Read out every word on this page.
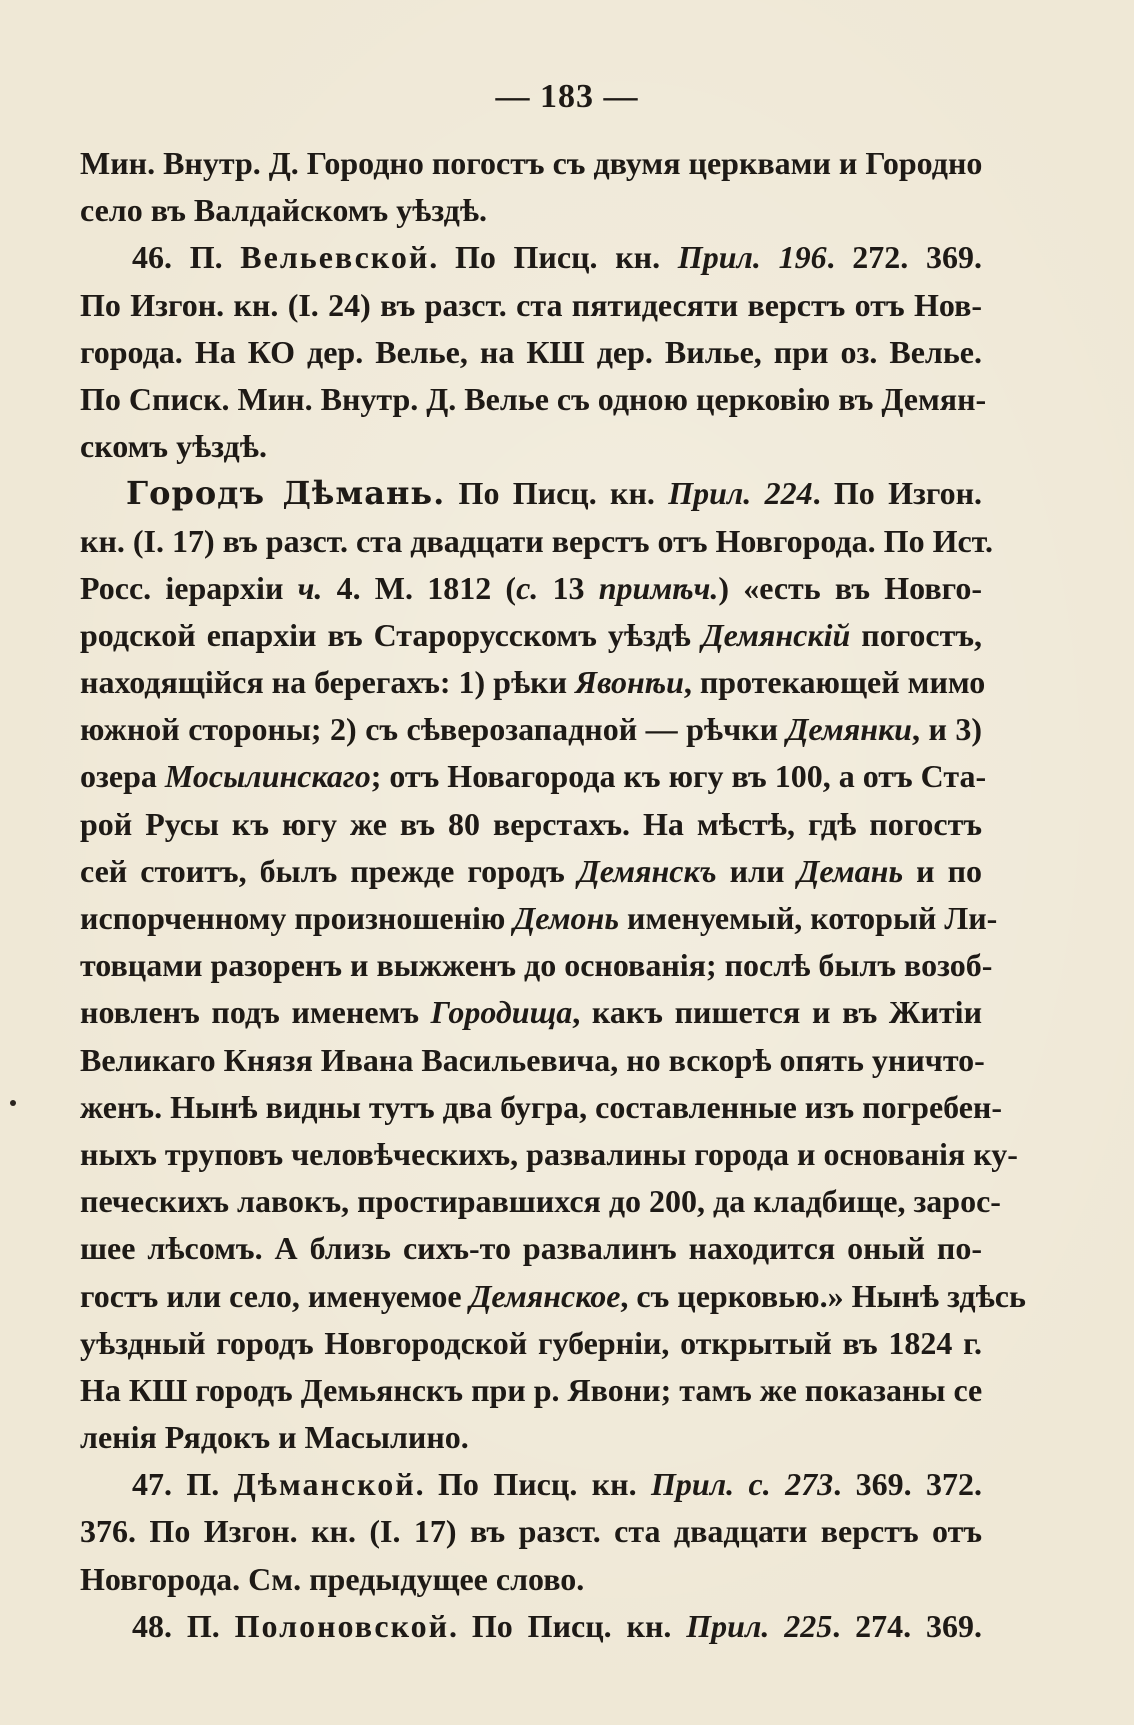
— 183 —
Мин. Внутр. Д. Городно погостъ съ двумя церквами и Городно
село въ Валдайскомъ уѣздѣ.
46. П. Вельевской. По Писц. кн. Прил. 196. 272. 369.
По Изгон. кн. (I. 24) въ разст. ста пятидесяти верстъ отъ Нов-
города. На КО дер. Велье, на КШ дер. Вилье, при оз. Велье.
По Списк. Мин. Внутр. Д. Велье съ однoю церковiю въ Демян-
скомъ уѣздѣ.
Городъ Дѣмань. По Писц. кн. Прил. 224. По Изгон.
кн. (I. 17) въ разст. ста двадцати верстъ отъ Новгорода. По Ист.
Росс. iерархiи ч. 4. М. 1812 (с. 13 примѣч.) «есть въ Новго-
родской епархiи въ Старорусскомъ уѣздѣ Демянскiй погостъ,
находящiйся на берегахъ: 1) рѣки Явонѣи, протекающей мимо
южной стороны; 2) съ сѣверозападной — рѣчки Демянки, и 3)
озера Мосылинскаго; отъ Новагорода къ югу въ 100, а отъ Ста-
рой Русы къ югу же въ 80 верстахъ. На мѣстѣ, гдѣ погостъ
сей стоитъ, былъ прежде городъ Демянскъ или Демань и по
испорченному произношенiю Демонь именуемый, который Ли-
товцами разоренъ и выжженъ до основанiя; послѣ былъ возоб-
новленъ подъ именемъ Городища, какъ пишется и въ Житiи
Великаго Князя Ивана Васильевича, но вскорѣ опять уничто-
женъ. Нынѣ видны тутъ два бугра, составленные изъ погребен-
ныхъ труповъ человѣческихъ, развалины города и основанiя ку-
печескихъ лавокъ, простиравшихся до 200, да кладбище, зарос-
шее лѣсомъ. А близь сихъ-то развалинъ находится оный по-
гостъ или село, именуемое Демянское, съ церковью.» Нынѣ здѣсь
уѣздный городъ Новгородской губернiи, открытый въ 1824 г.
На КШ городъ Демьянскъ при р. Явони; тамъ же показаны се
ленiя Рядокъ и Масылино.
47. П. Дѣманской. По Писц. кн. Прил. с. 273. 369. 372.
376. По Изгон. кн. (I. 17) въ разст. ста двадцати верстъ отъ
Новгорода. См. предыдущее слово.
48. П. Полоновской. По Писц. кн. Прил. 225. 274. 369.
